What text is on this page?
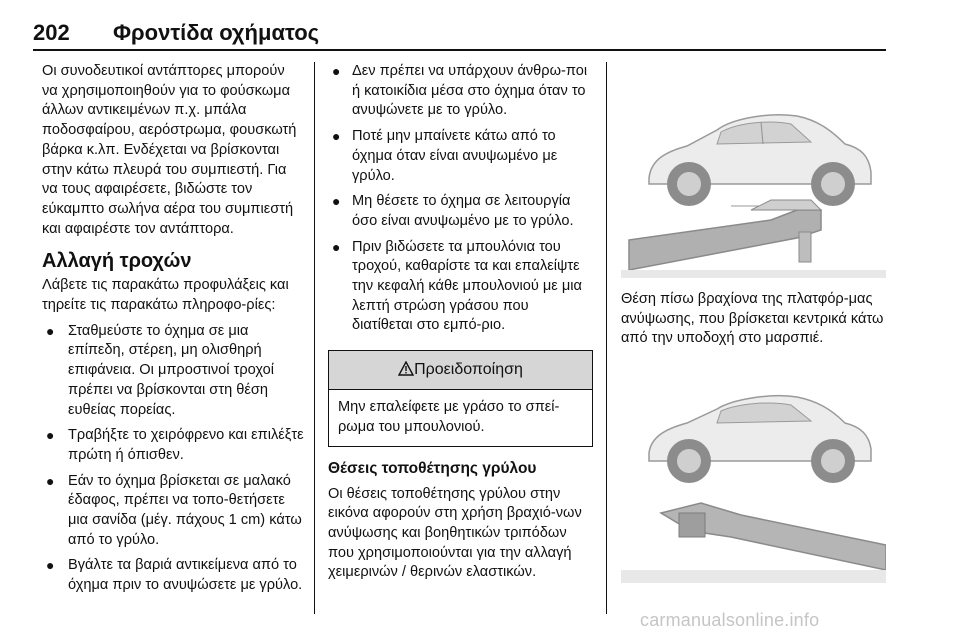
202 Φροντίδα οχήματος

Οι συνοδευτικοί αντάπτορες μπορούν να χρησιμοποιηθούν για το φούσκωμα άλλων αντικειμένων π.χ. μπάλα ποδοσφαίρου, αερόστρωμα, φουσκωτή βάρκα κ.λπ. Ενδέχεται να βρίσκονται στην κάτω πλευρά του συμπιεστή. Για να τους αφαιρέσετε, βιδώστε τον εύκαμπτο σωλήνα αέρα του συμπιεστή και αφαιρέστε τον αντάπτορα.

Αλλαγή τροχών

Λάβετε τις παρακάτω προφυλάξεις και τηρείτε τις παρακάτω πληροφο-ρίες:

● Σταθμεύστε το όχημα σε μια επίπεδη, στέρεη, μη ολισθηρή επιφάνεια. Οι μπροστινοί τροχοί πρέπει να βρίσκονται στη θέση ευθείας πορείας.
● Τραβήξτε το χειρόφρενο και επιλέξτε πρώτη ή όπισθεν.
● Εάν το όχημα βρίσκεται σε μαλακό έδαφος, πρέπει να τοπο-θετήσετε μια σανίδα (μέγ. πάχους 1 cm) κάτω από το γρύλο.
● Βγάλτε τα βαριά αντικείμενα από το όχημα πριν το ανυψώσετε με γρύλο.
● Δεν πρέπει να υπάρχουν άνθρω-ποι ή κατοικίδια μέσα στο όχημα όταν το ανυψώνετε με το γρύλο.
● Ποτέ μην μπαίνετε κάτω από το όχημα όταν είναι ανυψωμένο με γρύλο.
● Μη θέσετε το όχημα σε λειτουργία όσο είναι ανυψωμένο με το γρύλο.
● Πριν βιδώσετε τα μπουλόνια του τροχού, καθαρίστε τα και επαλείψτε την κεφαλή κάθε μπουλονιού με μια λεπτή στρώση γράσου που διατίθεται στο εμπό-ριο.
Προειδοποίηση
Μην επαλείφετε με γράσο το σπεί-ρωμα του μπουλονιού.
Θέσεις τοποθέτησης γρύλου

Οι θέσεις τοποθέτησης γρύλου στην εικόνα αφορούν στη χρήση βραχιό-νων ανύψωσης και βοηθητικών τριπόδων που χρησιμοποιούνται για την αλλαγή χειμερινών / θερινών ελαστικών.

Θέση πίσω βραχίονα της πλατφόρ-μας ανύψωσης, που βρίσκεται κεντρικά κάτω από την υποδοχή στο μαρσπιέ.

carmanualsonline.info
